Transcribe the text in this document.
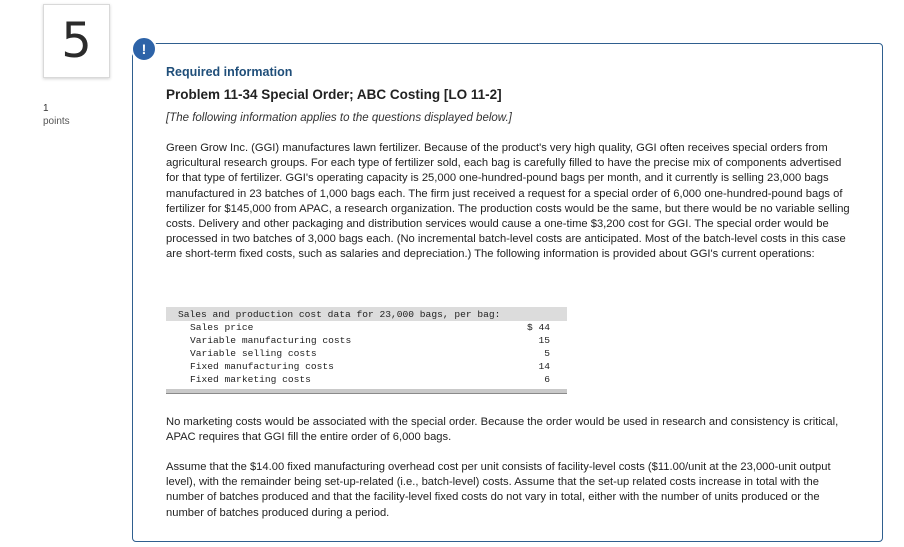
5
1
points
!
Required information
Problem 11-34 Special Order; ABC Costing [LO 11-2]
[The following information applies to the questions displayed below.]
Green Grow Inc. (GGI) manufactures lawn fertilizer. Because of the product's very high quality, GGI often receives special orders from agricultural research groups. For each type of fertilizer sold, each bag is carefully filled to have the precise mix of components advertised for that type of fertilizer. GGI's operating capacity is 25,000 one-hundred-pound bags per month, and it currently is selling 23,000 bags manufactured in 23 batches of 1,000 bags each. The firm just received a request for a special order of 6,000 one-hundred-pound bags of fertilizer for $145,000 from APAC, a research organization. The production costs would be the same, but there would be no variable selling costs. Delivery and other packaging and distribution services would cause a one-time $3,200 cost for GGI. The special order would be processed in two batches of 3,000 bags each. (No incremental batch-level costs are anticipated. Most of the batch-level costs in this case are short-term fixed costs, such as salaries and depreciation.) The following information is provided about GGI's current operations:
Sales and production cost data for 23,000 bags, per bag:	
Sales price	$ 44
Variable manufacturing costs	15
Variable selling costs	5
Fixed manufacturing costs	14
Fixed marketing costs	6
No marketing costs would be associated with the special order. Because the order would be used in research and consistency is critical, APAC requires that GGI fill the entire order of 6,000 bags.
Assume that the $14.00 fixed manufacturing overhead cost per unit consists of facility-level costs ($11.00/unit at the 23,000-unit output level), with the remainder being set-up-related (i.e., batch-level) costs. Assume that the set-up related costs increase in total with the number of batches produced and that the facility-level fixed costs do not vary in total, either with the number of units produced or the number of batches produced during a period.
